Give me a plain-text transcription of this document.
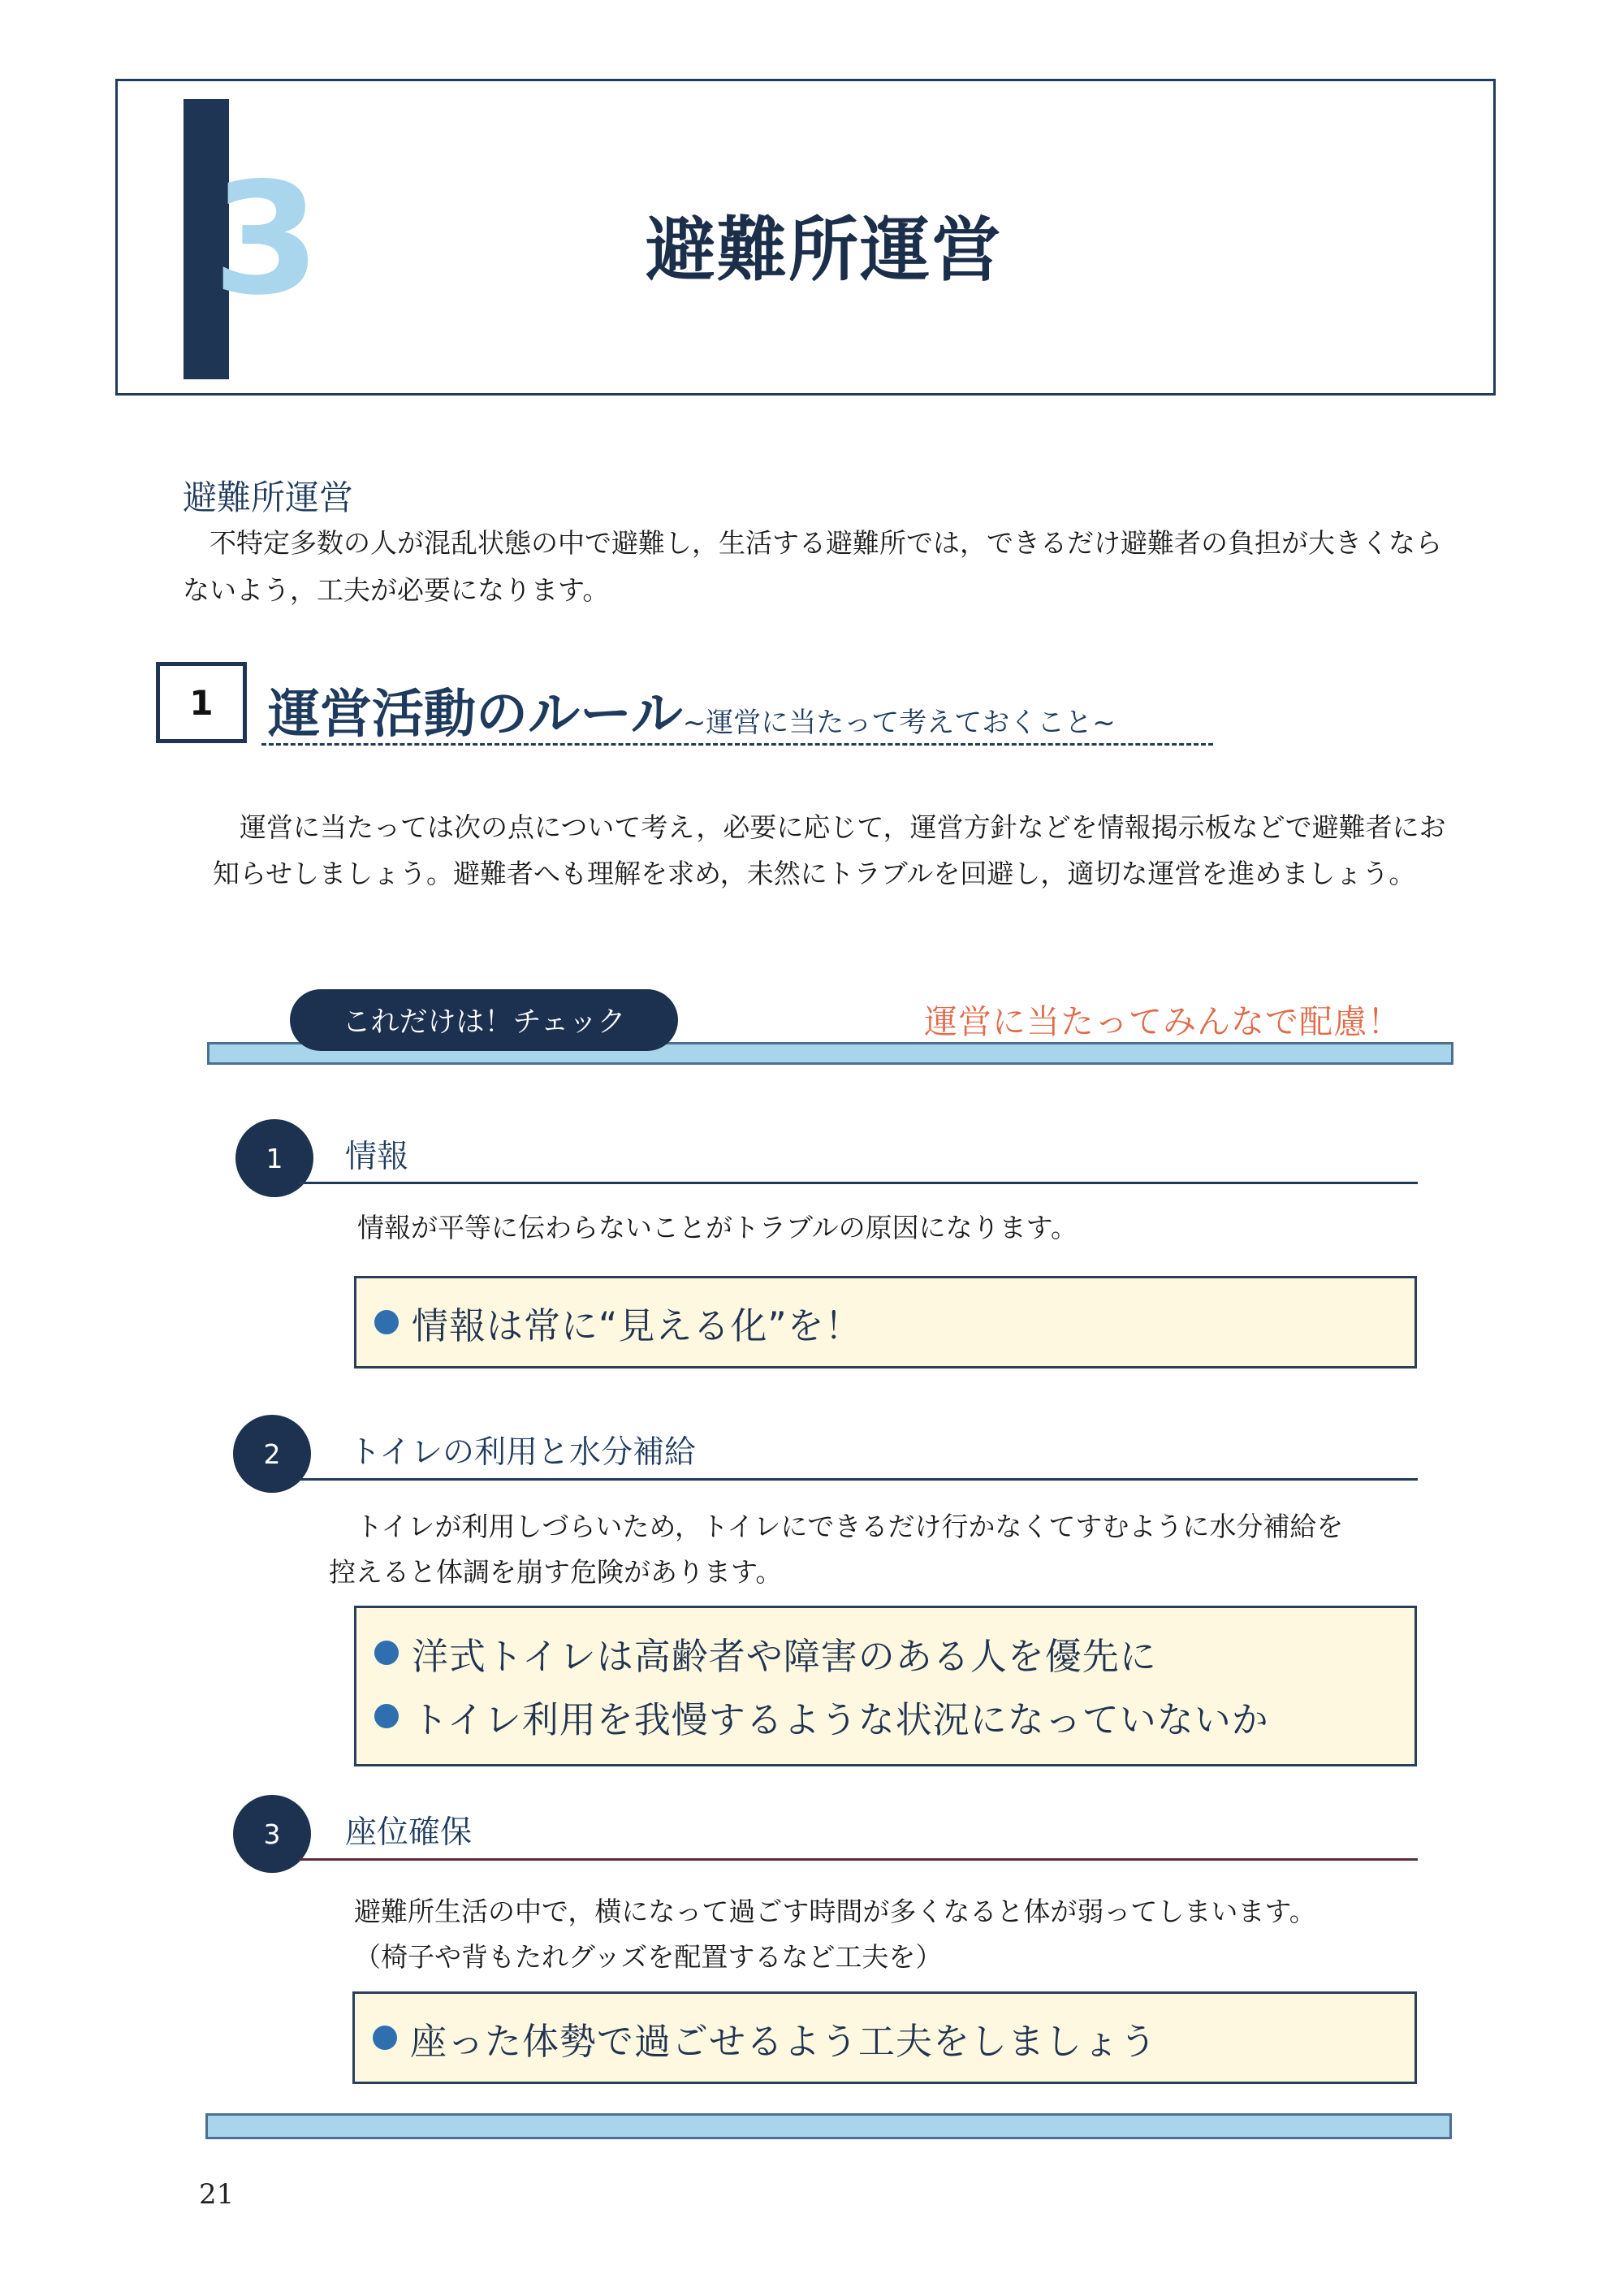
3	避難所運営
避難所運営
不特定多数の人が混乱状態の中で避難し，生活する避難所では，できるだけ避難者の負担が大きくならないよう，工夫が必要になります。
1	運営活動のルール~運営に当たって考えておくこと~
運営に当たっては次の点について考え，必要に応じて，運営方針などを情報掲示板などで避難者にお知らせしましょう。避難者へも理解を求め，未然にトラブルを回避し，適切な運営を進めましょう。
これだけは！チェック	運営に当たってみんなで配慮！
1	情報
情報が平等に伝わらないことがトラブルの原因になります。
情報は常に“見える化”を！
2	トイレの利用と水分補給
トイレが利用しづらいため，トイレにできるだけ行かなくてすむように水分補給を
控えると体調を崩す危険があります。
洋式トイレは高齢者や障害のある人を優先に
トイレ利用を我慢するような状況になっていないか
3	座位確保
避難所生活の中で，横になって過ごす時間が多くなると体が弱ってしまいます。
（椅子や背もたれグッズを配置するなど工夫を）
座った体勢で過ごせるよう工夫をしましょう
21
